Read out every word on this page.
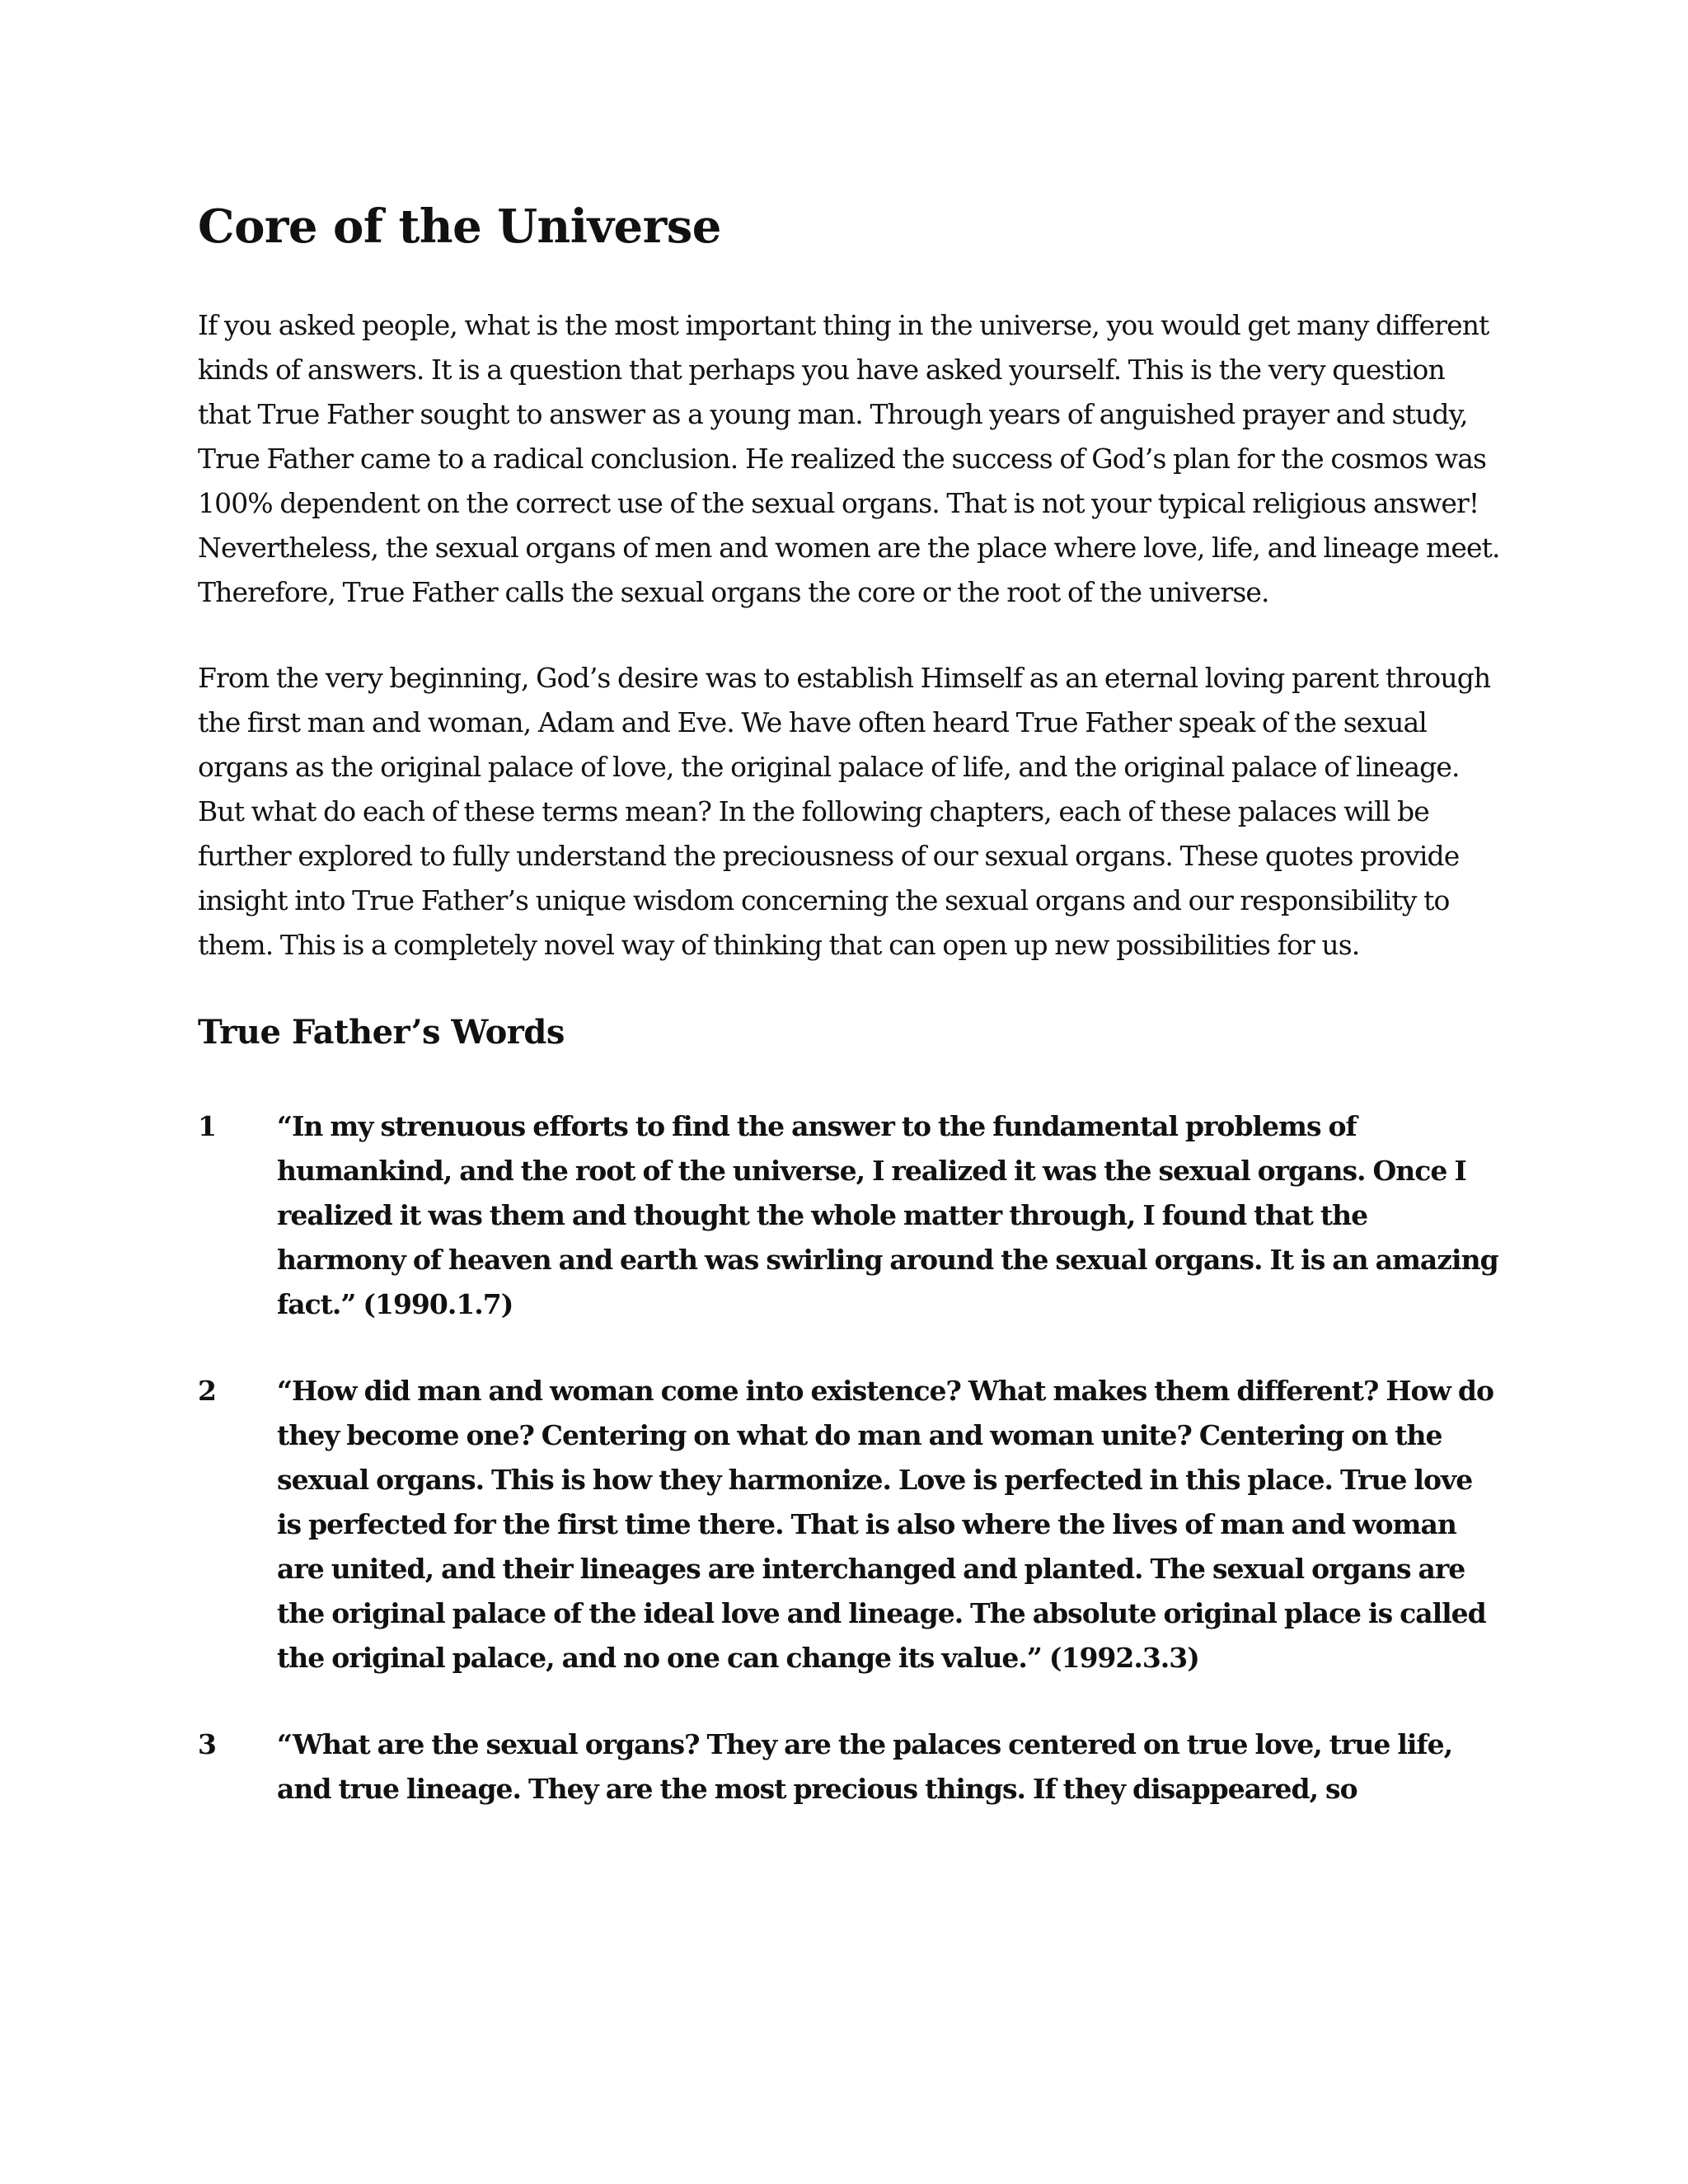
Core of the Universe

If you asked people, what is the most important thing in the universe, you would get many different kinds of answers. It is a question that perhaps you have asked yourself. This is the very question that True Father sought to answer as a young man. Through years of anguished prayer and study, True Father came to a radical conclusion. He realized the success of God’s plan for the cosmos was 100% dependent on the correct use of the sexual organs. That is not your typical religious answer! Nevertheless, the sexual organs of men and women are the place where love, life, and lineage meet. Therefore, True Father calls the sexual organs the core or the root of the universe.

From the very beginning, God’s desire was to establish Himself as an eternal loving parent through the first man and woman, Adam and Eve. We have often heard True Father speak of the sexual organs as the original palace of love, the original palace of life, and the original palace of lineage. But what do each of these terms mean? In the following chapters, each of these palaces will be further explored to fully understand the preciousness of our sexual organs. These quotes provide insight into True Father’s unique wisdom concerning the sexual organs and our responsibility to them. This is a completely novel way of thinking that can open up new possibilities for us.

True Father’s Words
1	“In my strenuous efforts to find the answer to the fundamental problems of humankind, and the root of the universe, I realized it was the sexual organs. Once I realized it was them and thought the whole matter through, I found that the harmony of heaven and earth was swirling around the sexual organs. It is an amazing fact.” (1990.1.7)
2	“How did man and woman come into existence? What makes them different? How do they become one? Centering on what do man and woman unite? Centering on the sexual organs. This is how they harmonize. Love is perfected in this place. True love is perfected for the first time there. That is also where the lives of man and woman are united, and their lineages are interchanged and planted. The sexual organs are the original palace of the ideal love and lineage. The absolute original place is called the original palace, and no one can change its value.” (1992.3.3)
3	“What are the sexual organs? They are the palaces centered on true love, true life, and true lineage. They are the most precious things. If they disappeared, so
